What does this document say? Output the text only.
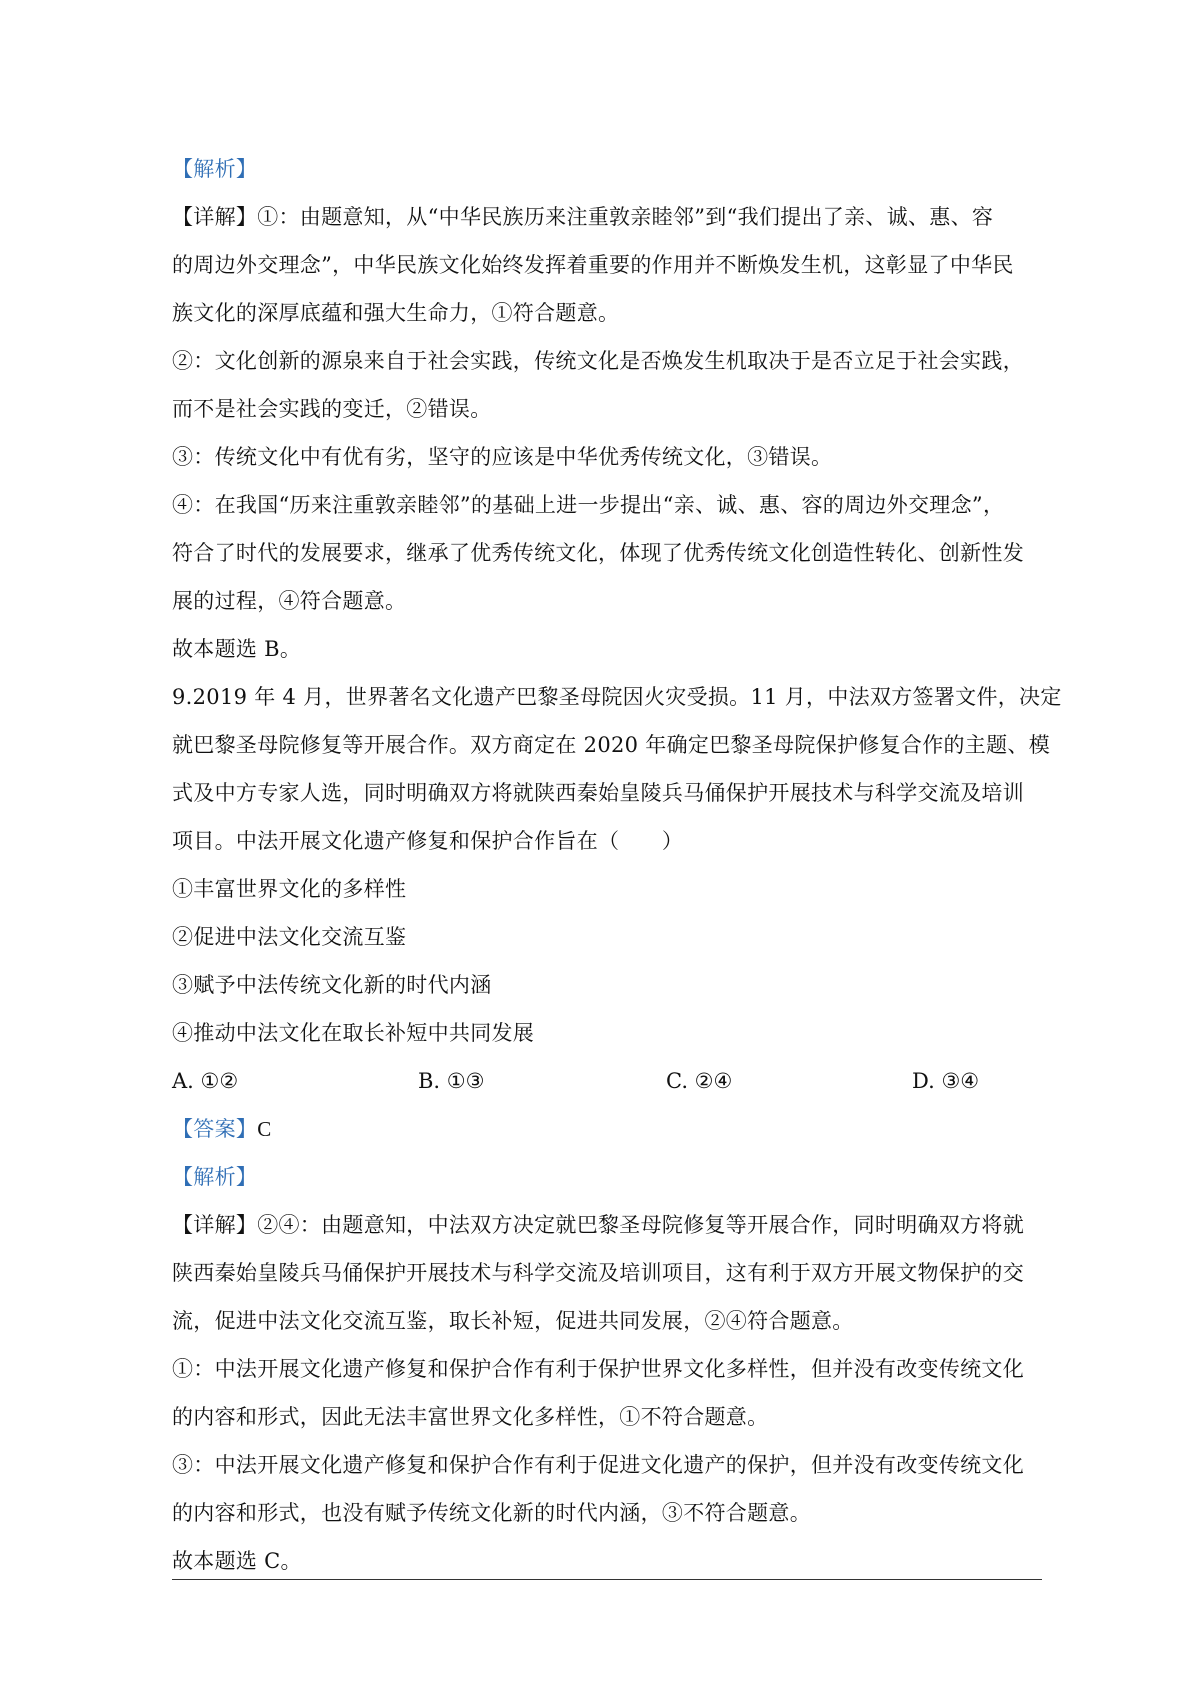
【解析】
【详解】①：由题意知，从“中华民族历来注重敦亲睦邻”到“我们提出了亲、诚、惠、容
的周边外交理念”，中华民族文化始终发挥着重要的作用并不断焕发生机，这彰显了中华民
族文化的深厚底蕴和强大生命力，①符合题意。
②：文化创新的源泉来自于社会实践，传统文化是否焕发生机取决于是否立足于社会实践，
而不是社会实践的变迁，②错误。
③：传统文化中有优有劣，坚守的应该是中华优秀传统文化，③错误。
④：在我国“历来注重敦亲睦邻”的基础上进一步提出“亲、诚、惠、容的周边外交理念”，
符合了时代的发展要求，继承了优秀传统文化，体现了优秀传统文化创造性转化、创新性发
展的过程，④符合题意。
故本题选 B。
9.2019 年 4 月，世界著名文化遗产巴黎圣母院因火灾受损。11 月，中法双方签署文件，决定
就巴黎圣母院修复等开展合作。双方商定在 2020 年确定巴黎圣母院保护修复合作的主题、模
式及中方专家人选，同时明确双方将就陕西秦始皇陵兵马俑保护开展技术与科学交流及培训
项目。中法开展文化遗产修复和保护合作旨在（　　）
①丰富世界文化的多样性
②促进中法文化交流互鉴
③赋予中法传统文化新的时代内涵
④推动中法文化在取长补短中共同发展
A. ①②	B. ①③	C. ②④	D. ③④
【答案】C
【解析】
【详解】②④：由题意知，中法双方决定就巴黎圣母院修复等开展合作，同时明确双方将就
陕西秦始皇陵兵马俑保护开展技术与科学交流及培训项目，这有利于双方开展文物保护的交
流，促进中法文化交流互鉴，取长补短，促进共同发展，②④符合题意。
①：中法开展文化遗产修复和保护合作有利于保护世界文化多样性，但并没有改变传统文化
的内容和形式，因此无法丰富世界文化多样性，①不符合题意。
③：中法开展文化遗产修复和保护合作有利于促进文化遗产的保护，但并没有改变传统文化
的内容和形式，也没有赋予传统文化新的时代内涵，③不符合题意。
故本题选 C。
